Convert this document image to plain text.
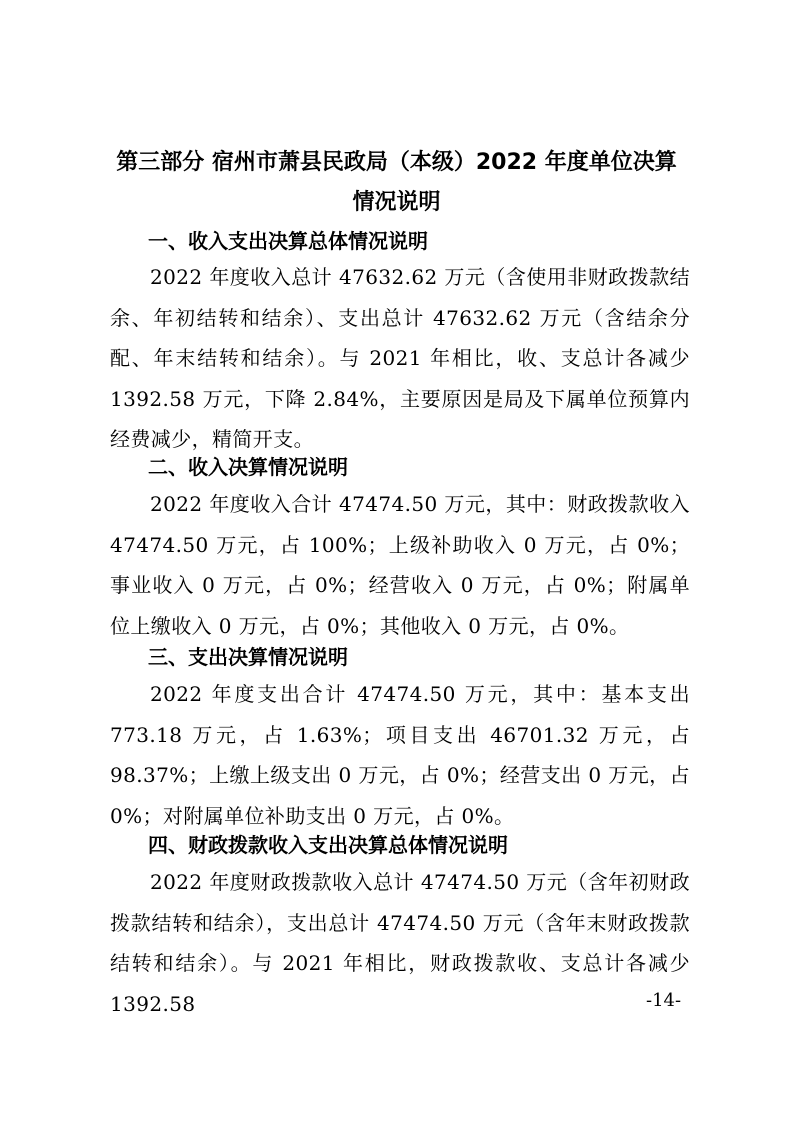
第三部分 宿州市萧县民政局（本级）2022 年度单位决算
情况说明
一、收入支出决算总体情况说明

2022 年度收入总计 47632.62 万元（含使用非财政拨款结余、年初结转和结余）、支出总计 47632.62 万元（含结余分配、年末结转和结余）。与 2021 年相比，收、支总计各减少 1392.58 万元，下降 2.84%，主要原因是局及下属单位预算内经费减少，精简开支。

二、收入决算情况说明

2022 年度收入合计 47474.50 万元，其中：财政拨款收入 47474.50 万元，占 100%；上级补助收入 0 万元，占 0%；事业收入 0 万元，占 0%；经营收入 0 万元，占 0%；附属单位上缴收入 0 万元，占 0%；其他收入 0 万元，占 0%。

三、支出决算情况说明

2022 年度支出合计 47474.50 万元，其中：基本支出 773.18 万元，占 1.63%；项目支出 46701.32 万元，占 98.37%；上缴上级支出 0 万元，占 0%；经营支出 0 万元，占 0%；对附属单位补助支出 0 万元，占 0%。

四、财政拨款收入支出决算总体情况说明

2022 年度财政拨款收入总计 47474.50 万元（含年初财政拨款结转和结余），支出总计 47474.50 万元（含年末财政拨款结转和结余）。与 2021 年相比，财政拨款收、支总计各减少 1392.58	-14-
